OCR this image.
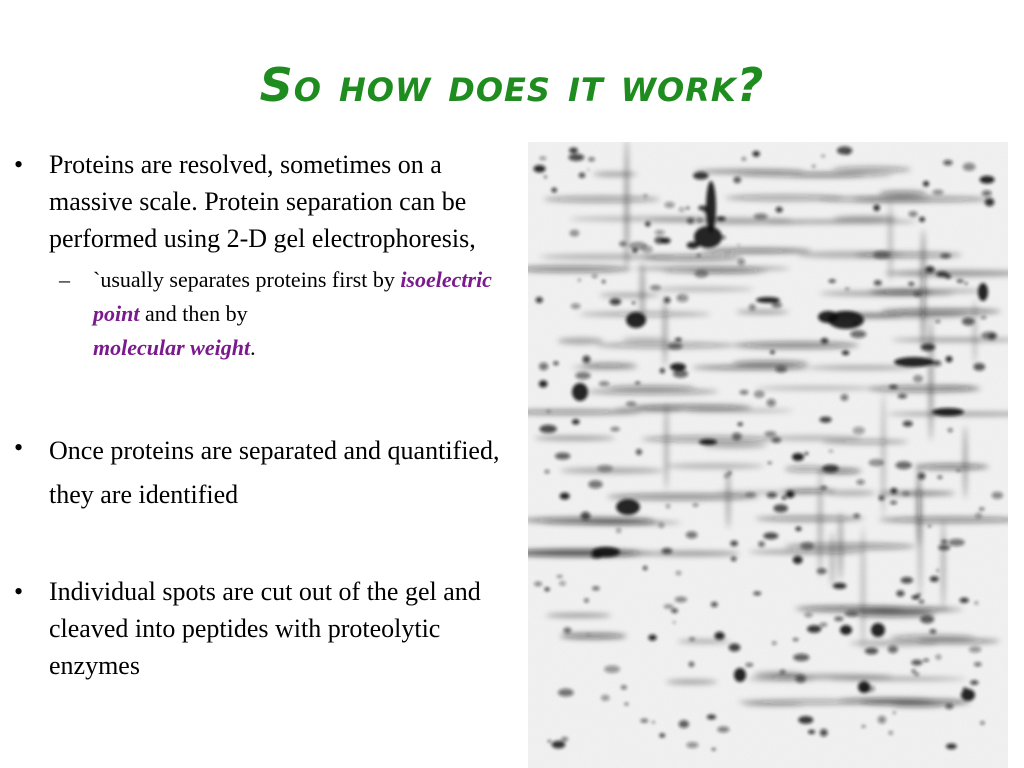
So how does it work?
• Proteins are resolved, sometimes on a massive scale. Protein separation can be performed using 2-D gel electrophoresis,
– `usually separates proteins first by isoelectric point and then by
molecular weight.
• Once proteins are separated and quantified, they are identified
• Individual spots are cut out of the gel and cleaved into peptides with proteolytic enzymes
